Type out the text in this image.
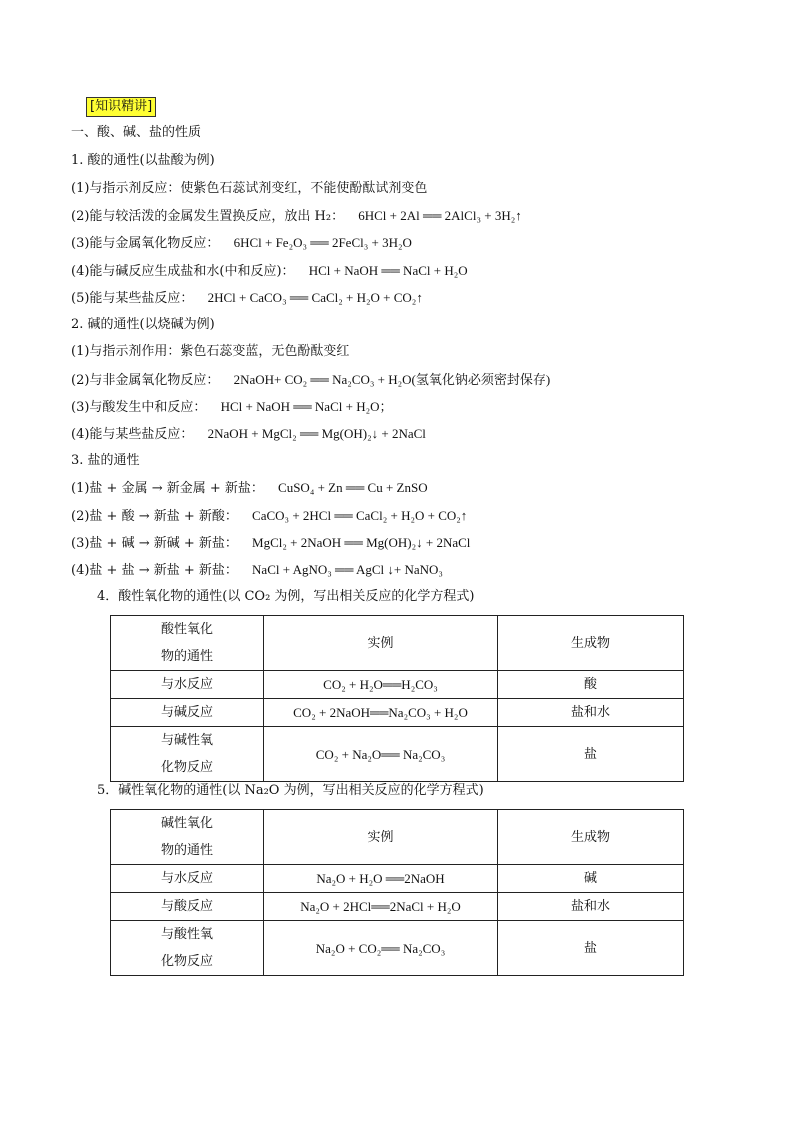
[知识精讲]
一、酸、碱、盐的性质
1. 酸的通性(以盐酸为例)
(1)与指示剂反应：使紫色石蕊试剂变红，不能使酚酞试剂变色
(2)能与较活泼的金属发生置换反应，放出 H₂： 6HCl + 2Al ══ 2AlCl₃ + 3H₂↑
(3)能与金属氧化物反应： 6HCl + Fe₂O₃ ══ 2FeCl₃ + 3H₂O
(4)能与碱反应生成盐和水(中和反应)： HCl + NaOH ══ NaCl + H₂O
(5)能与某些盐反应： 2HCl + CaCO₃ ══ CaCl₂ + H₂O + CO₂↑
2. 碱的通性(以烧碱为例)
(1)与指示剂作用：紫色石蕊变蓝，无色酚酞变红
(2)与非金属氧化物反应： 2NaOH+ CO₂ ══ Na₂CO₃ + H₂O(氢氧化钠必须密封保存)
(3)与酸发生中和反应： HCl + NaOH ══ NaCl + H₂O；
(4)能与某些盐反应： 2NaOH + MgCl₂ ══ Mg(OH)₂↓ + 2NaCl
3. 盐的通性
(1)盐 + 金属 → 新金属 + 新盐： CuSO₄ + Zn ══ Cu + ZnSO
(2)盐 + 酸 → 新盐 + 新酸： CaCO₃ + 2HCl ══ CaCl₂ + H₂O + CO₂↑
(3)盐 + 碱 → 新碱 + 新盐： MgCl₂ + 2NaOH ══ Mg(OH)₂↓ + 2NaCl
(4)盐 + 盐 → 新盐 + 新盐： NaCl + AgNO₃ ══ AgCl ↓+ NaNO₃
4．酸性氧化物的通性(以 CO₂ 为例，写出相关反应的化学方程式)
酸性氧化
物的通性	实例	生成物
与水反应	CO₂ + H₂O══H₂CO₃	酸
与碱反应	CO₂ + 2NaOH══Na₂CO₃ + H₂O	盐和水

与碱性氧
化物反应	CO₂ + Na₂O══ Na₂CO₃	盐
5．碱性氧化物的通性(以 Na₂O 为例，写出相关反应的化学方程式)
碱性氧化
物的通性	实例	生成物
与水反应	Na₂O + H₂O ══2NaOH	碱
与酸反应	Na₂O + 2HCl══2NaCl + H₂O	盐和水

与酸性氧
化物反应	Na₂O + CO₂══ Na₂CO₃	盐
